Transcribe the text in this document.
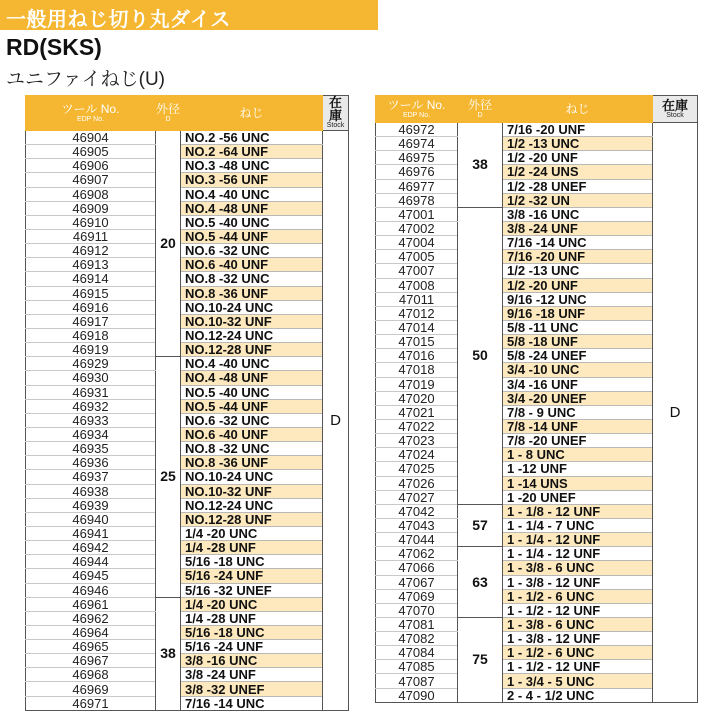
一般用ねじ切り丸ダイス
RD(SKS)
ユニファイねじ(U)
ツール No.
EDP No.	外径
D	ねじ	在庫
Stock

46904	20	NO.2 -56 UNC	D
46905		NO.2 -64 UNF	
46906		NO.3 -48 UNC	
46907		NO.3 -56 UNF	
46908		NO.4 -40 UNC	
46909		NO.4 -48 UNF	
46910		NO.5 -40 UNC	
46911		NO.5 -44 UNF	
46912		NO.6 -32 UNC	
46913		NO.6 -40 UNF	
46914		NO.8 -32 UNC	
46915		NO.8 -36 UNF	
46916		NO.10-24 UNC	
46917		NO.10-32 UNF	
46918		NO.12-24 UNC	
46919		NO.12-28 UNF	
46929	25	NO.4 -40 UNC	
46930		NO.4 -48 UNF	
46931		NO.5 -40 UNC	
46932		NO.5 -44 UNF	
46933		NO.6 -32 UNC	
46934		NO.6 -40 UNF	
46935		NO.8 -32 UNC	
46936		NO.8 -36 UNF	
46937		NO.10-24 UNC	
46938		NO.10-32 UNF	
46939		NO.12-24 UNC	
46940		NO.12-28 UNF	
46941		1/4 -20 UNC	
46942		1/4 -28 UNF	
46944		5/16 -18 UNC	
46945		5/16 -24 UNF	
46946		5/16 -32 UNEF	
46961	38	1/4 -20 UNC	
46962		1/4 -28 UNF	
46964		5/16 -18 UNC	
46965		5/16 -24 UNF	
46967		3/8 -16 UNC	
46968		3/8 -24 UNF	
46969		3/8 -32 UNEF	
46971		7/16 -14 UNC	
ツール No.
EDP No.	外径
D	ねじ	在庫
Stock

46972	38	7/16 -20 UNF	D
46974		1/2 -13 UNC	
46975		1/2 -20 UNF	
46976		1/2 -24 UNS	
46977		1/2 -28 UNEF	
46978		1/2 -32 UN	
47001	50	3/8 -16 UNC	
47002		3/8 -24 UNF	
47004		7/16 -14 UNC	
47005		7/16 -20 UNF	
47007		1/2 -13 UNC	
47008		1/2 -20 UNF	
47011		9/16 -12 UNC	
47012		9/16 -18 UNF	
47014		5/8 -11 UNC	
47015		5/8 -18 UNF	
47016		5/8 -24 UNEF	
47018		3/4 -10 UNC	
47019		3/4 -16 UNF	
47020		3/4 -20 UNEF	
47021		7/8 - 9 UNC	
47022		7/8 -14 UNF	
47023		7/8 -20 UNEF	
47024		1 - 8 UNC	
47025		1 -12 UNF	
47026		1 -14 UNS	
47027		1 -20 UNEF	
47042	57	1 - 1/8 - 12 UNF	
47043		1 - 1/4 - 7 UNC	
47044		1 - 1/4 - 12 UNF	
47062	63	1 - 1/4 - 12 UNF	
47066		1 - 3/8 - 6 UNC	
47067		1 - 3/8 - 12 UNF	
47069		1 - 1/2 - 6 UNC	
47070		1 - 1/2 - 12 UNF	
47081	75	1 - 3/8 - 6 UNC	
47082		1 - 3/8 - 12 UNF	
47084		1 - 1/2 - 6 UNC	
47085		1 - 1/2 - 12 UNF	
47087		1 - 3/4 - 5 UNC	
47090		2 - 4 - 1/2 UNC	
